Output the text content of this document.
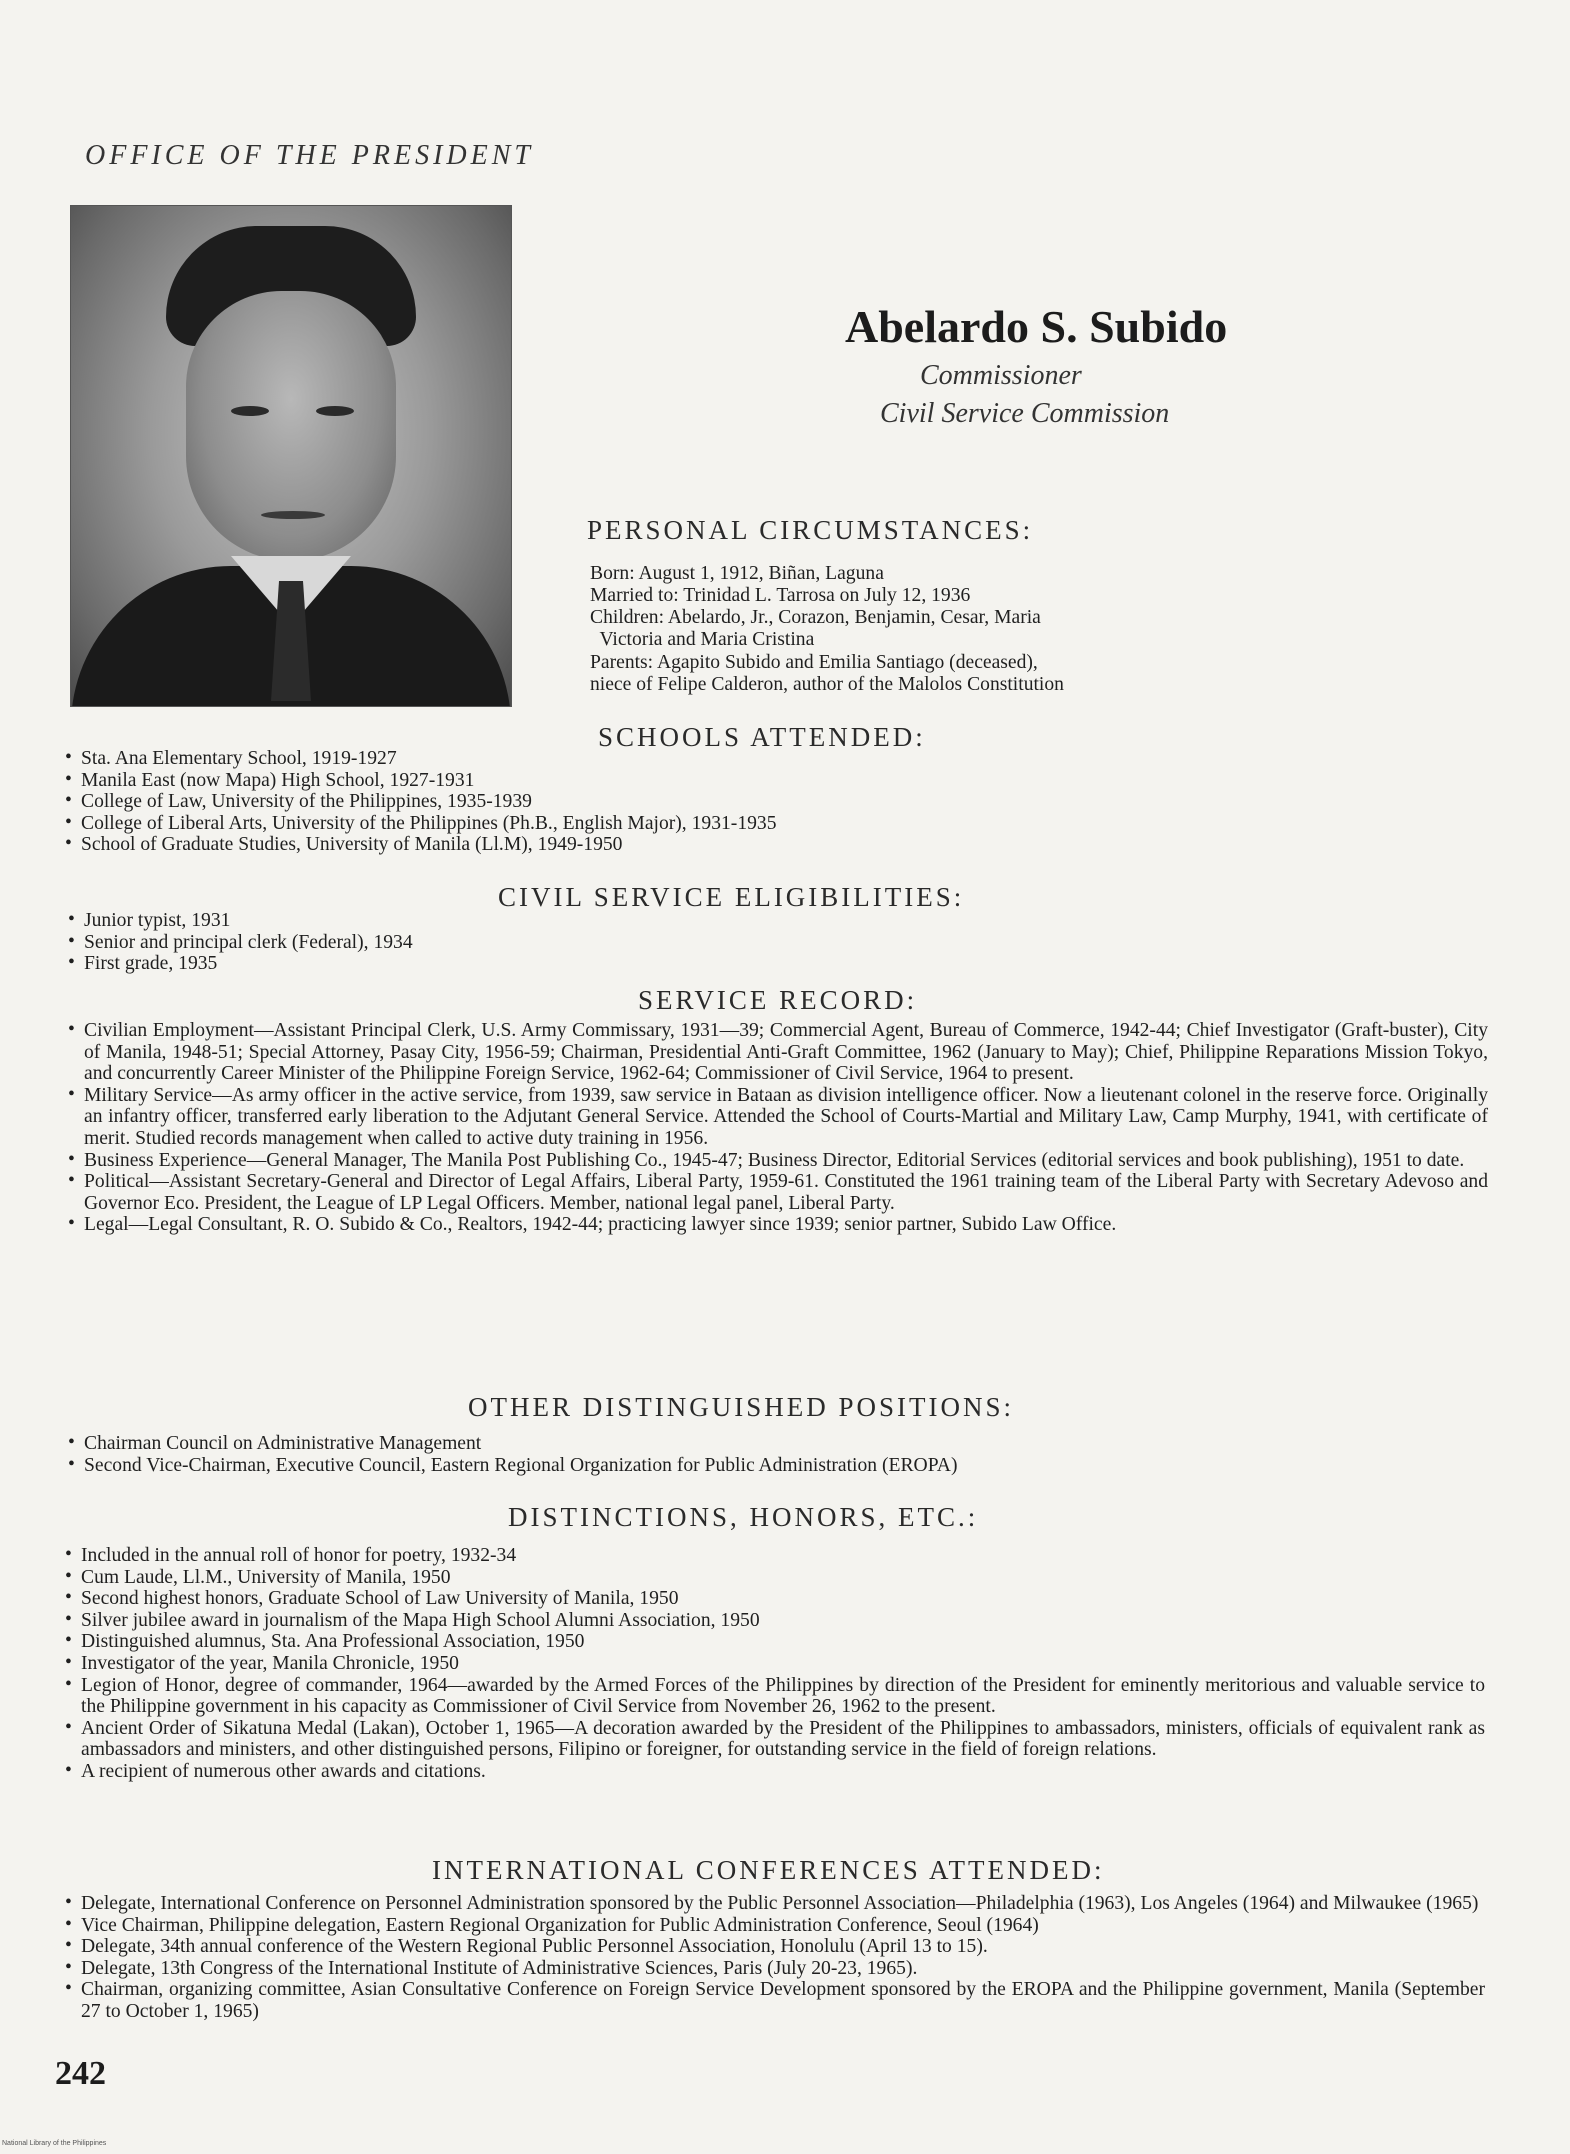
OFFICE OF THE PRESIDENT
Abelardo S. Subido
Commissioner
Civil Service Commission
PERSONAL CIRCUMSTANCES:
Born: August 1, 1912, Biñan, Laguna
Married to: Trinidad L. Tarrosa on July 12, 1936
Children: Abelardo, Jr., Corazon, Benjamin, Cesar, Maria
Victoria and Maria Cristina
Parents: Agapito Subido and Emilia Santiago (deceased),
niece of Felipe Calderon, author of the Malolos Constitution
SCHOOLS ATTENDED:
• Sta. Ana Elementary School, 1919-1927
• Manila East (now Mapa) High School, 1927-1931
• College of Law, University of the Philippines, 1935-1939
• College of Liberal Arts, University of the Philippines (Ph.B., English Major), 1931-1935
• School of Graduate Studies, University of Manila (Ll.M), 1949-1950
CIVIL SERVICE ELIGIBILITIES:
• Junior typist, 1931
• Senior and principal clerk (Federal), 1934
• First grade, 1935
SERVICE RECORD:
• Civilian Employment—Assistant Principal Clerk, U.S. Army Commissary, 1931—39; Commercial Agent, Bureau of Commerce, 1942-44; Chief Investigator (Graft-buster), City of Manila, 1948-51; Special Attorney, Pasay City, 1956-59; Chairman, Presidential Anti-Graft Committee, 1962 (January to May); Chief, Philippine Reparations Mission Tokyo, and concurrently Career Minister of the Philippine Foreign Service, 1962-64; Commissioner of Civil Service, 1964 to present.
• Military Service—As army officer in the active service, from 1939, saw service in Bataan as division intelligence officer. Now a lieutenant colonel in the reserve force. Originally an infantry officer, transferred early liberation to the Adjutant General Service. Attended the School of Courts-Martial and Military Law, Camp Murphy, 1941, with certificate of merit. Studied records management when called to active duty training in 1956.
• Business Experience—General Manager, The Manila Post Publishing Co., 1945-47; Business Director, Editorial Services (editorial services and book publishing), 1951 to date.
• Political—Assistant Secretary-General and Director of Legal Affairs, Liberal Party, 1959-61. Constituted the 1961 training team of the Liberal Party with Secretary Adevoso and Governor Eco. President, the League of LP Legal Officers. Member, national legal panel, Liberal Party.
• Legal—Legal Consultant, R. O. Subido & Co., Realtors, 1942-44; practicing lawyer since 1939; senior partner, Subido Law Office.
OTHER DISTINGUISHED POSITIONS:
• Chairman Council on Administrative Management
• Second Vice-Chairman, Executive Council, Eastern Regional Organization for Public Administration (EROPA)
DISTINCTIONS, HONORS, ETC.:
• Included in the annual roll of honor for poetry, 1932-34
• Cum Laude, Ll.M., University of Manila, 1950
• Second highest honors, Graduate School of Law University of Manila, 1950
• Silver jubilee award in journalism of the Mapa High School Alumni Association, 1950
• Distinguished alumnus, Sta. Ana Professional Association, 1950
• Investigator of the year, Manila Chronicle, 1950
• Legion of Honor, degree of commander, 1964—awarded by the Armed Forces of the Philippines by direction of the President for eminently meritorious and valuable service to the Philippine government in his capacity as Commissioner of Civil Service from November 26, 1962 to the present.
• Ancient Order of Sikatuna Medal (Lakan), October 1, 1965—A decoration awarded by the President of the Philippines to ambassadors, ministers, officials of equivalent rank as ambassadors and ministers, and other distinguished persons, Filipino or foreigner, for outstanding service in the field of foreign relations.
• A recipient of numerous other awards and citations.
INTERNATIONAL CONFERENCES ATTENDED:
• Delegate, International Conference on Personnel Administration sponsored by the Public Personnel Association—Philadelphia (1963), Los Angeles (1964) and Milwaukee (1965)
• Vice Chairman, Philippine delegation, Eastern Regional Organization for Public Administration Conference, Seoul (1964)
• Delegate, 34th annual conference of the Western Regional Public Personnel Association, Honolulu (April 13 to 15).
• Delegate, 13th Congress of the International Institute of Administrative Sciences, Paris (July 20-23, 1965).
• Chairman, organizing committee, Asian Consultative Conference on Foreign Service Development sponsored by the EROPA and the Philippine government, Manila (September 27 to October 1, 1965)
242
National Library of the Philippines
